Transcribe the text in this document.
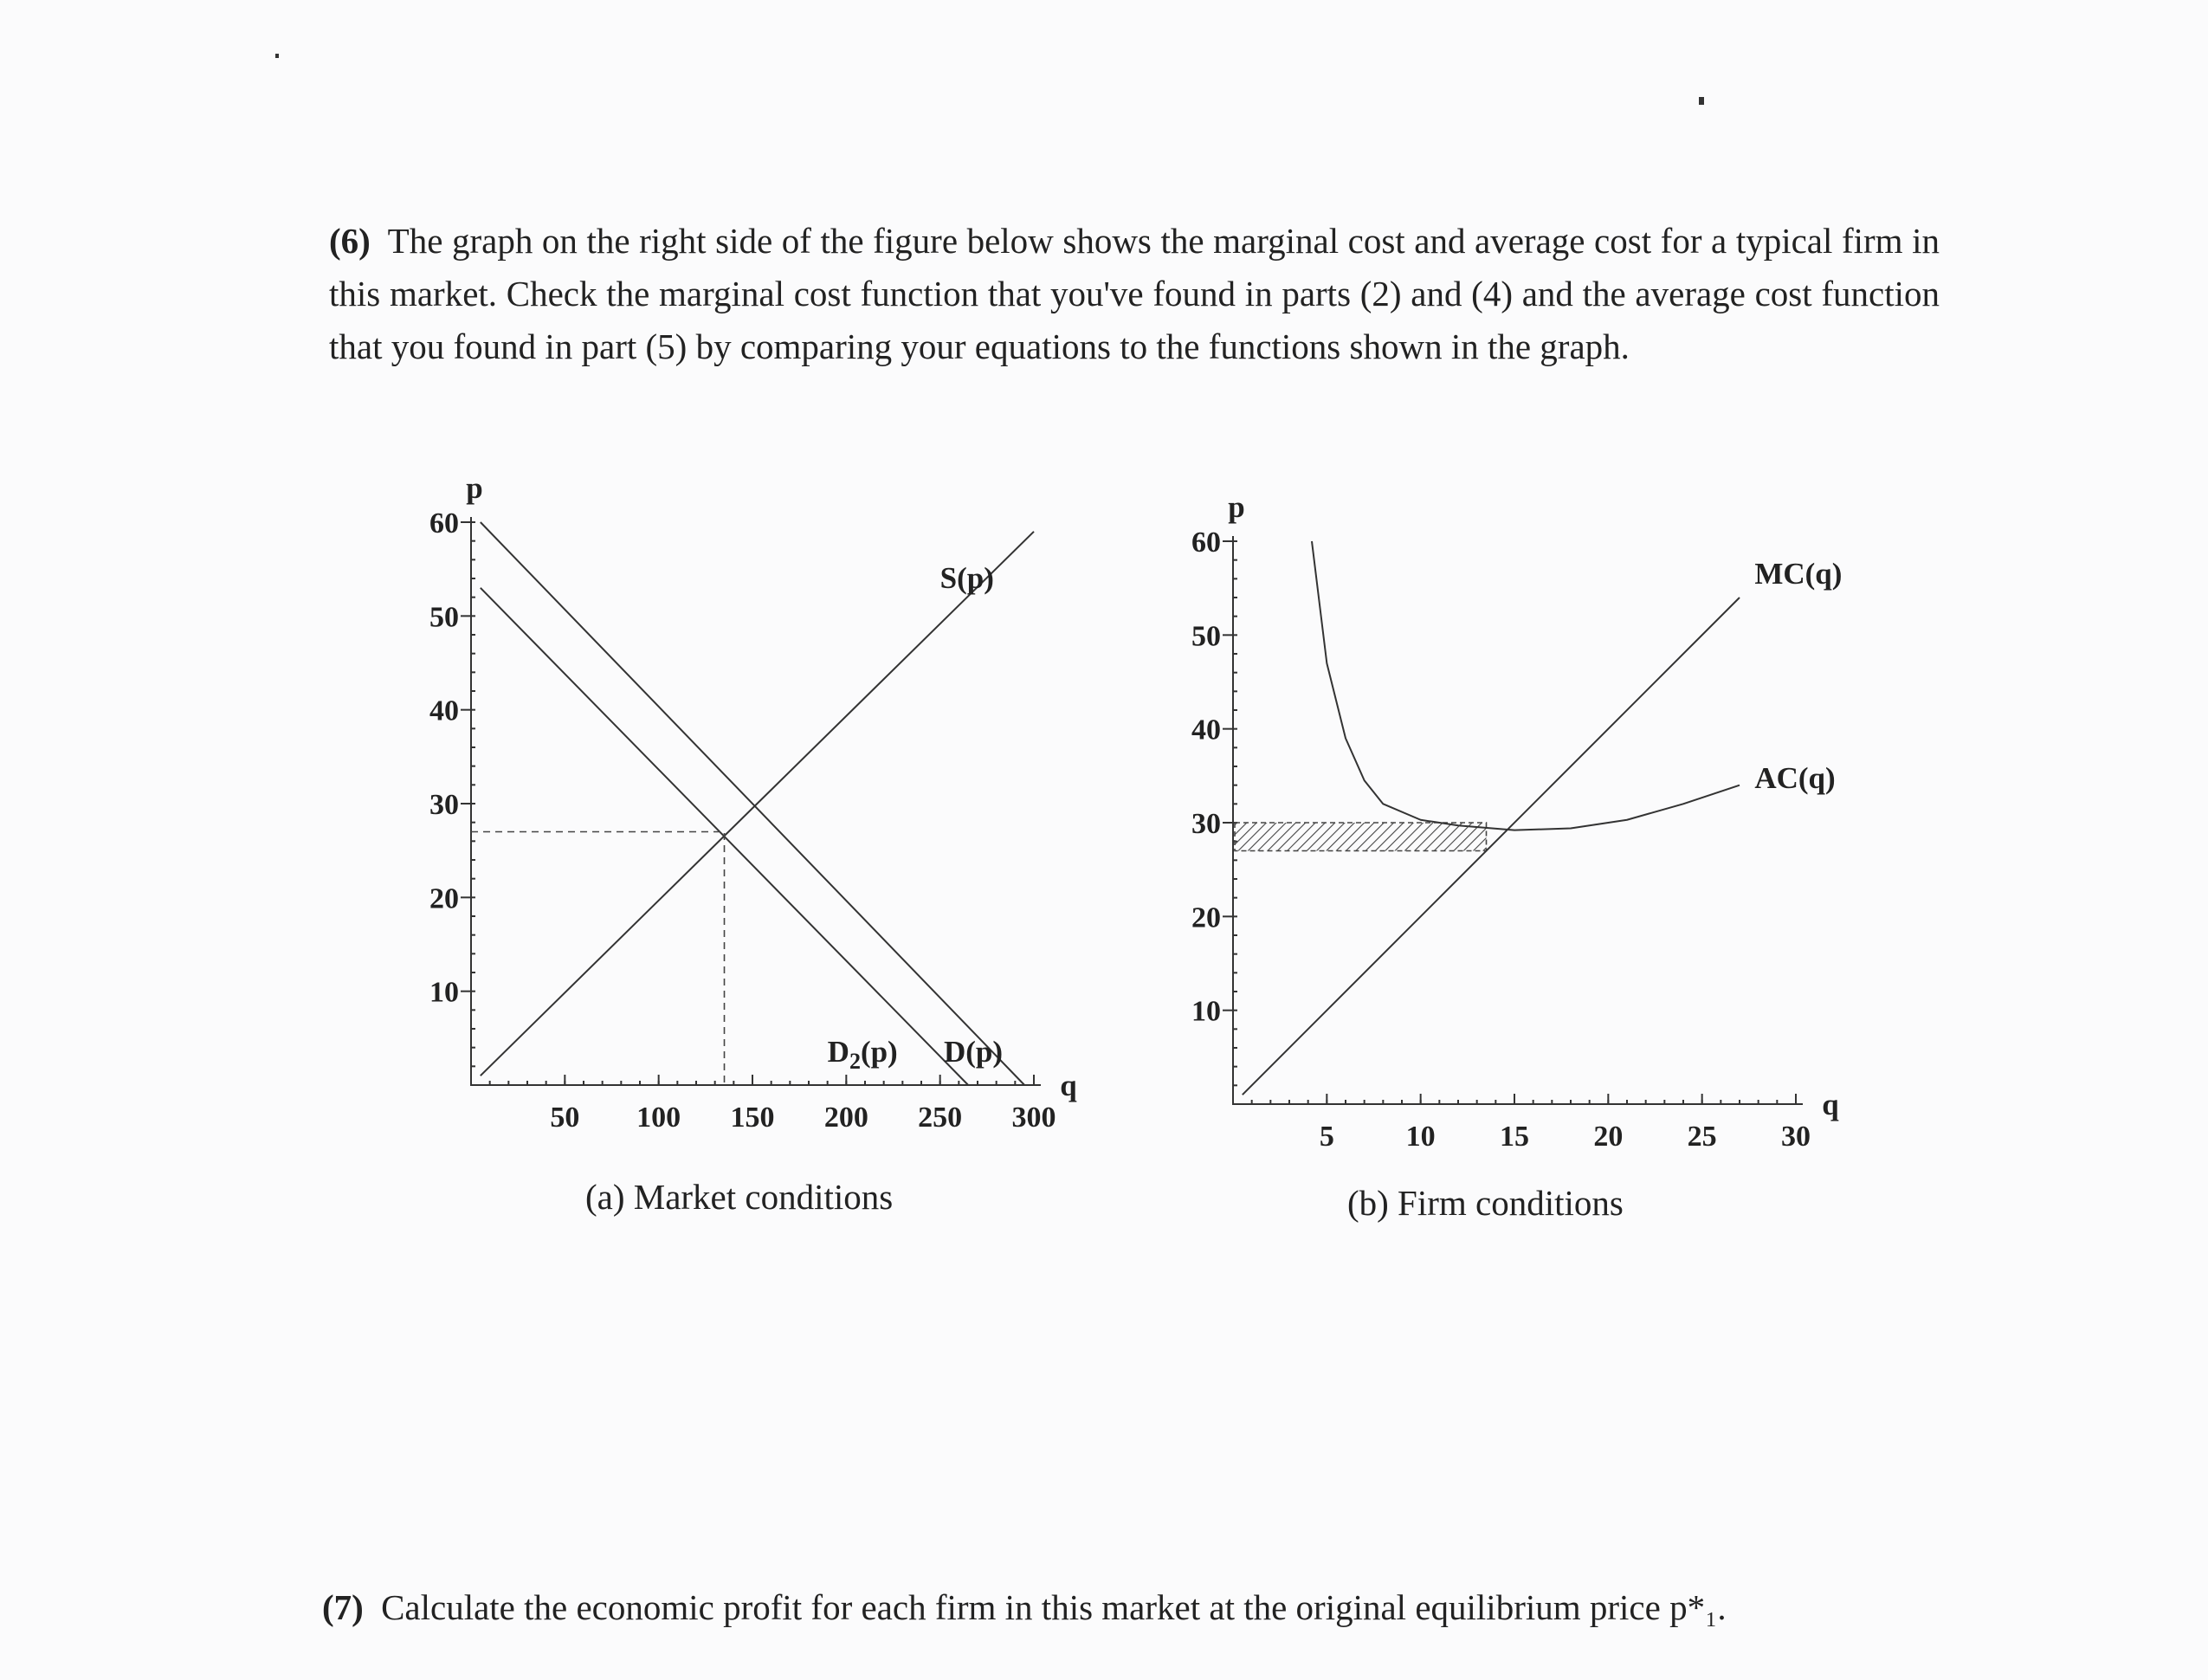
(6) The graph on the right side of the figure below shows the marginal cost and average cost for a typical firm in this market. Check the marginal cost function that you've found in parts (2) and (4) and the average cost function that you found in part (5) by comparing your equations to the functions shown in the graph.
50 100 150 200 250 300
10
20
30
40
50
60
p
q
S(p)
D(p)
$D_2(p)$
(a) Market conditions
5 10 15 20 25 30
10
20
30
40
50
60
p
q
MC(q)
AC(q)
(b) Firm conditions
(7) Calculate the economic profit for each firm in this market at the original equilibrium price p*₁.
